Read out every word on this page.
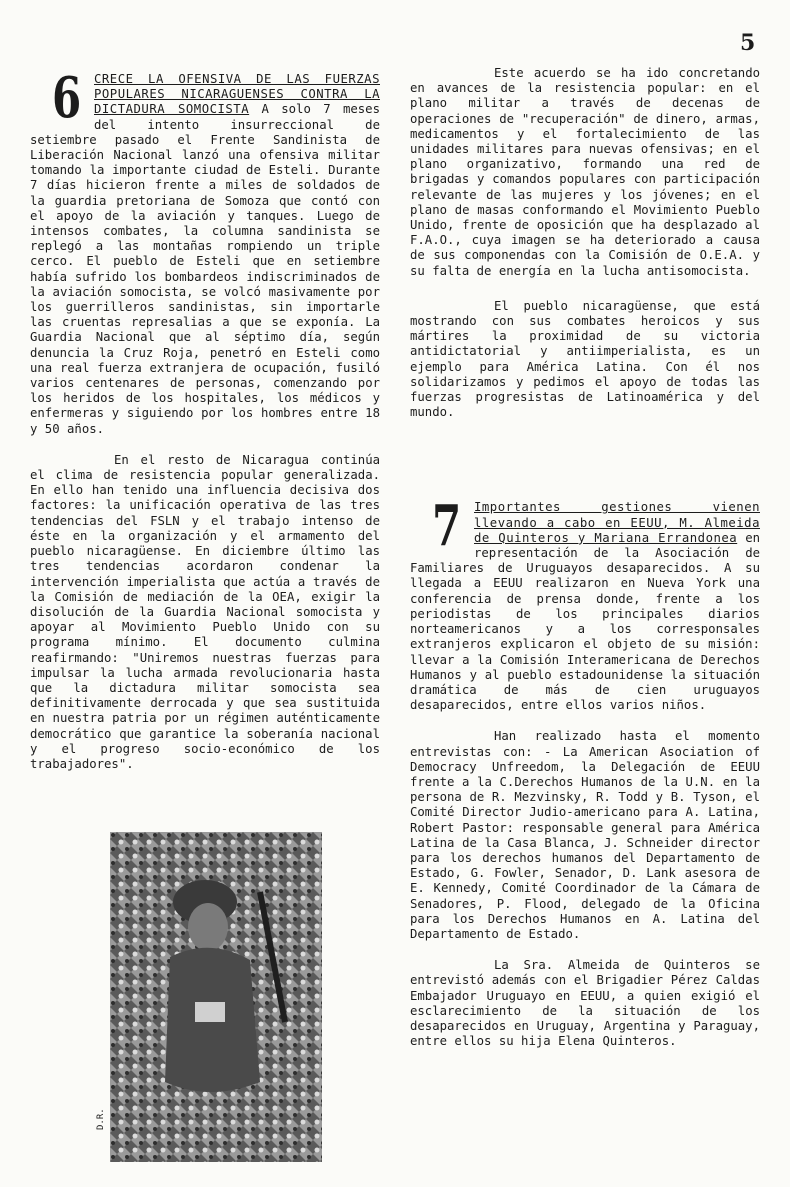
5
6	CRECE LA OFENSIVA DE LAS FUERZAS POPULARES NICARAGUENSES CONTRA LA DICTADURA SOMOCISTA A solo 7 meses del intento insurreccional de setiembre pasado el Frente Sandinista de Liberación Nacional lanzó una ofensiva militar tomando la importante ciudad de Esteli. Durante 7 días hicieron frente a miles de soldados de la guardia pretoriana de Somoza que contó con el apoyo de la aviación y tanques. Luego de intensos combates, la columna sandinista se replegó a las montañas rompiendo un triple cerco. El pueblo de Esteli que en setiembre había sufrido los bombardeos indiscriminados de la aviación somocista, se volcó masivamente por los guerrilleros sandinistas, sin importarle las cruentas represalias a que se exponía. La Guardia Nacional que al séptimo día, según denuncia la Cruz Roja, penetró en Esteli como una real fuerza extranjera de ocupación, fusiló varios centenares de personas, comenzando por los heridos de los hospitales, los médicos y enfermeras y siguiendo por los hombres entre 18 y 50 años.

En el resto de Nicaragua continúa el clima de resistencia popular generalizada. En ello han tenido una influencia decisiva dos factores: la unificación operativa de las tres tendencias del FSLN y el trabajo intenso de éste en la organización y el armamento del pueblo nicaragüense. En diciembre último las tres tendencias acordaron condenar la intervención imperialista que actúa a través de la Comisión de mediación de la OEA, exigir la disolución de la Guardia Nacional somocista y apoyar al Movimiento Pueblo Unido con su programa mínimo. El documento culmina reafirmando: "Uniremos nuestras fuerzas para impulsar la lucha armada revolucionaria hasta que la dictadura militar somocista sea definitivamente derrocada y que sea sustituida en nuestra patria por un régimen auténticamente democrático que garantice la soberanía nacional y el progreso socio-económico de los trabajadores".

D.R.

Este acuerdo se ha ido concretando en avances de la resistencia popular: en el plano militar a través de decenas de operaciones de "recuperación" de dinero, armas, medicamentos y el fortalecimiento de las unidades militares para nuevas ofensivas; en el plano organizativo, formando una red de brigadas y comandos populares con participación relevante de las mujeres y los jóvenes; en el plano de masas conformando el Movimiento Pueblo Unido, frente de oposición que ha desplazado al F.A.O., cuya imagen se ha deteriorado a causa de sus componendas con la Comisión de O.E.A. y su falta de energía en la lucha antisomocista.

El pueblo nicaragüense, que está mostrando con sus combates heroicos y sus mártires la proximidad de su victoria antidictatorial y antiimperialista, es un ejemplo para América Latina. Con él nos solidarizamos y pedimos el apoyo de todas las fuerzas progresistas de Latinoamérica y del mundo.

7	Importantes gestiones vienen llevando a cabo en EEUU, M. Almeida de Quinteros y Mariana Errandonea en representación de la Asociación de Familiares de Uruguayos desaparecidos. A su llegada a EEUU realizaron en Nueva York una conferencia de prensa donde, frente a los periodistas de los principales diarios norteamericanos y a los corresponsales extranjeros explicaron el objeto de su misión: llevar a la Comisión Interamericana de Derechos Humanos y al pueblo estadounidense la situación dramática de más de cien uruguayos desaparecidos, entre ellos varios niños.

Han realizado hasta el momento entrevistas con: - La American Asociation of Democracy Unfreedom, la Delegación de EEUU frente a la C.Derechos Humanos de la U.N. en la persona de R. Mezvinsky, R. Todd y B. Tyson, el Comité Director Judio-americano para A. Latina, Robert Pastor: responsable general para América Latina de la Casa Blanca, J. Schneider director para los derechos humanos del Departamento de Estado, G. Fowler, Senador, D. Lank asesora de E. Kennedy, Comité Coordinador de la Cámara de Senadores, P. Flood, delegado de la Oficina para los Derechos Humanos en A. Latina del Departamento de Estado.

La Sra. Almeida de Quinteros se entrevistó además con el Brigadier Pérez Caldas Embajador Uruguayo en EEUU, a quien exigió el esclarecimiento de la situación de los desaparecidos en Uruguay, Argentina y Paraguay, entre ellos su hija Elena Quinteros.
